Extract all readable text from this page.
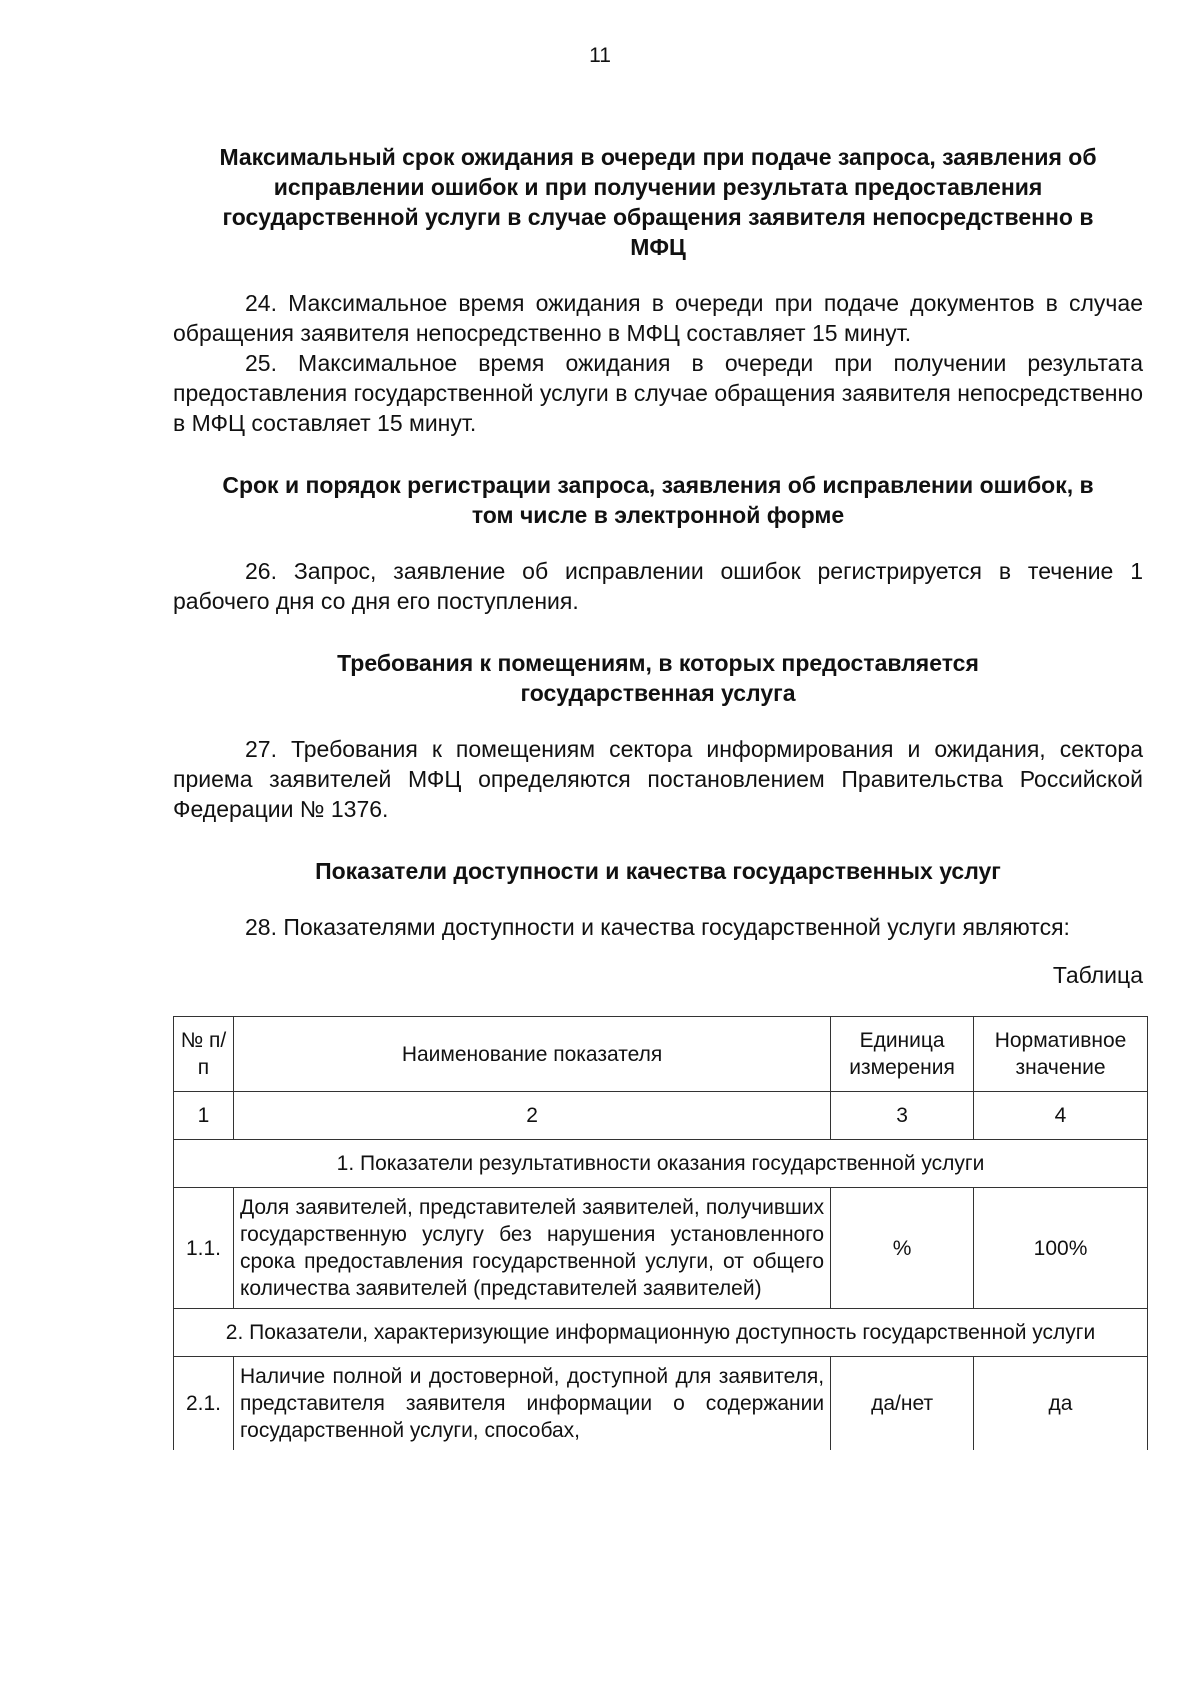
11
Максимальный срок ожидания в очереди при подаче запроса, заявления об исправлении ошибок и при получении результата предоставления государственной услуги в случае обращения заявителя непосредственно в МФЦ

24. Максимальное время ожидания в очереди при подаче документов в случае обращения заявителя непосредственно в МФЦ составляет 15 минут.

25. Максимальное время ожидания в очереди при получении результата предоставления государственной услуги в случае обращения заявителя непосредственно в МФЦ составляет 15 минут.

Срок и порядок регистрации запроса, заявления об исправлении ошибок, в том числе в электронной форме

26. Запрос, заявление об исправлении ошибок регистрируется в течение 1 рабочего дня со дня его поступления.

Требования к помещениям, в которых предоставляется государственная услуга

27. Требования к помещениям сектора информирования и ожидания, сектора приема заявителей МФЦ определяются постановлением Правительства Российской Федерации № 1376.

Показатели доступности и качества государственных услуг

28. Показателями доступности и качества государственной услуги являются:

Таблица
№ п/п	Наименование показателя	Единица измерения	Нормативное значение
1	2	3	4
1. Показатели результативности оказания государственной услуги			
1.1.	Доля заявителей, представителей заявителей, получивших государственную услугу без нарушения установленного срока предоставления государственной услуги, от общего количества заявителей (представителей заявителей)	%	100%
2. Показатели, характеризующие информационную доступность государственной услуги			
2.1.	Наличие полной и достоверной, доступной для заявителя, представителя заявителя информации о содержании государственной услуги, способах,	да/нет	да
